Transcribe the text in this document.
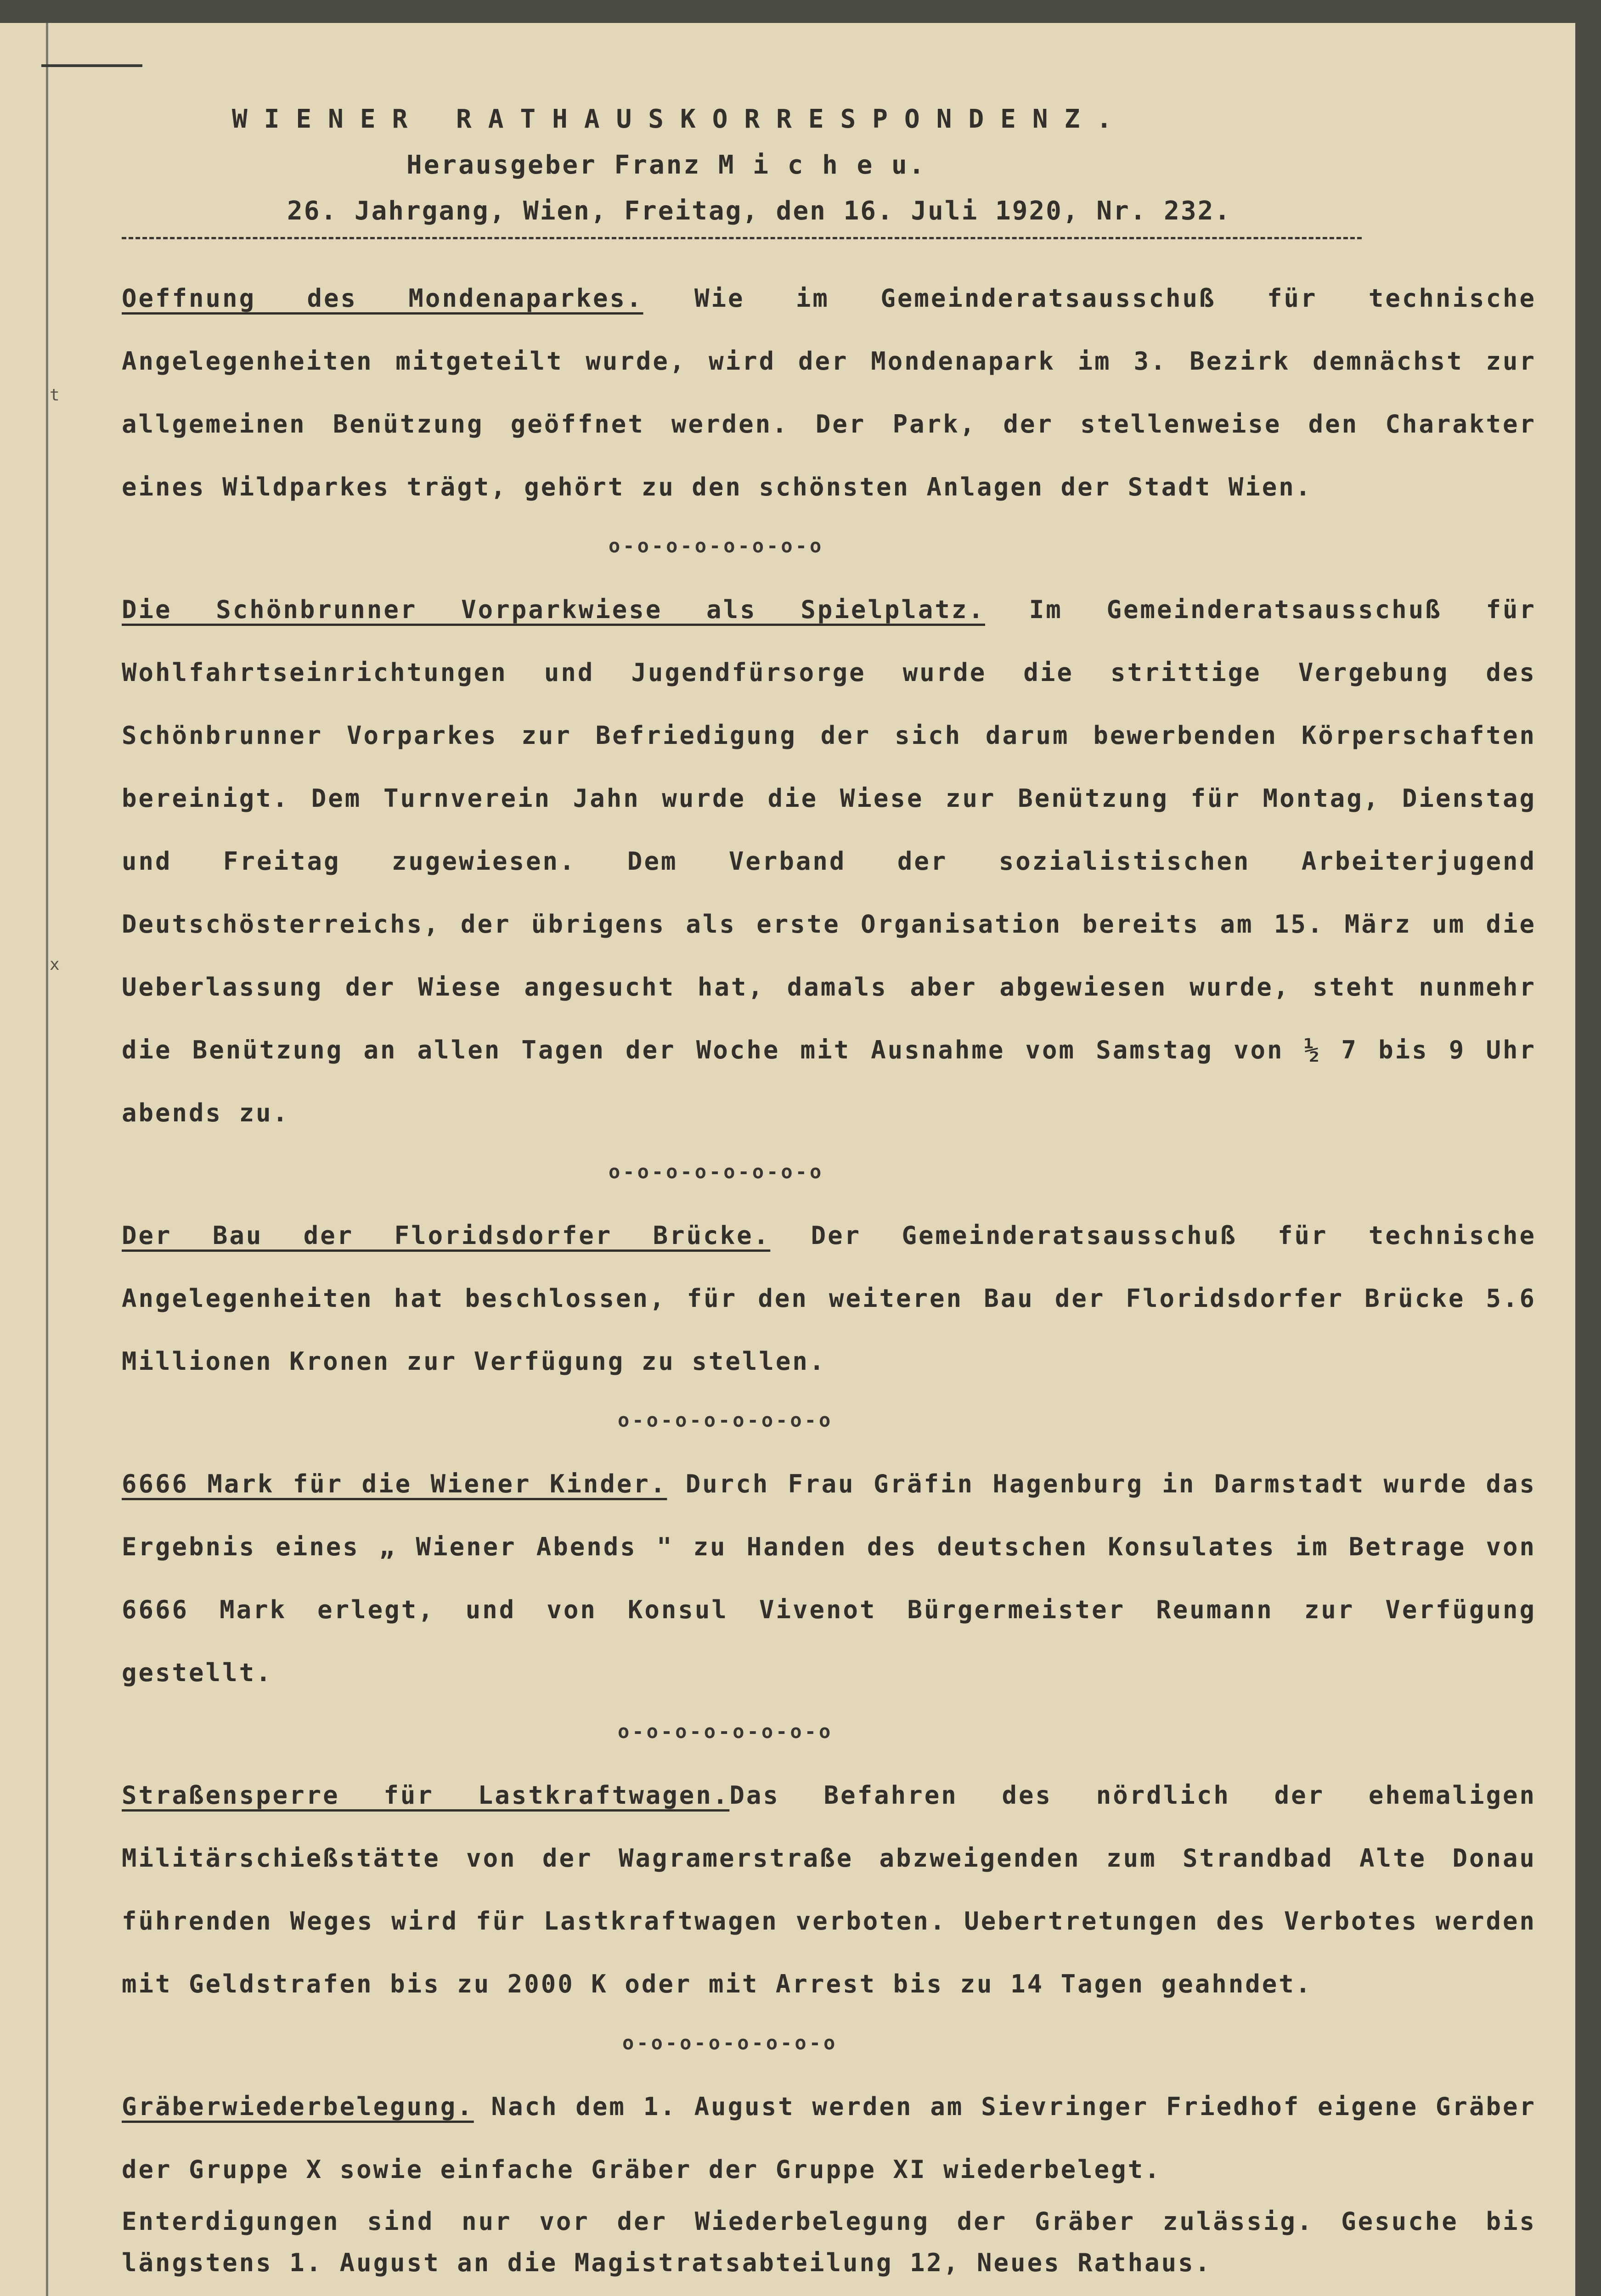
t
x
WIENER RATHAUSKORRESPONDENZ.
Herausgeber Franz M i c h e u.
26. Jahrgang, Wien, Freitag, den 16. Juli 1920, Nr. 232.
Oeffnung des Mondenaparkes. Wie im Gemeinderatsausschuß für technische Angelegenheiten mitgeteilt wurde, wird der Mondenapark im 3. Bezirk demnächst zur allgemeinen Benützung geöffnet werden. Der Park, der stellenweise den Charakter eines Wildparkes trägt, gehört zu den schönsten Anlagen der Stadt Wien.
o-o-o-o-o-o-o-o
Die Schönbrunner Vorparkwiese als Spielplatz. Im Gemeinderatsausschuß für Wohlfahrtseinrichtungen und Jugendfürsorge wurde die strittige Vergebung des Schönbrunner Vorparkes zur Befriedigung der sich darum bewerbenden Körperschaften bereinigt. Dem Turnverein Jahn wurde die Wiese zur Benützung für Montag, Dienstag und Freitag zugewiesen. Dem Verband der sozialistischen Arbeiterjugend Deutschösterreichs, der übrigens als erste Organisation bereits am 15. März um die Ueberlassung der Wiese angesucht hat, damals aber abgewiesen wurde, steht nunmehr die Benützung an allen Tagen der Woche mit Ausnahme vom Samstag von ½ 7 bis 9 Uhr abends zu.
o-o-o-o-o-o-o-o
Der Bau der Floridsdorfer Brücke. Der Gemeinderatsausschuß für technische Angelegenheiten hat beschlossen, für den weiteren Bau der Floridsdorfer Brücke 5.6 Millionen Kronen zur Verfügung zu stellen.
o-o-o-o-o-o-o-o
6666 Mark für die Wiener Kinder. Durch Frau Gräfin Hagenburg in Darmstadt wurde das Ergebnis eines „ Wiener Abends " zu Handen des deutschen Konsulates im Betrage von 6666 Mark erlegt, und von Konsul Vivenot Bürgermeister Reumann zur Verfügung gestellt.
o-o-o-o-o-o-o-o
Straßensperre für Lastkraftwagen.Das Befahren des nördlich der ehemaligen Militärschießstätte von der Wagramerstraße abzweigenden zum Strandbad Alte Donau führenden Weges wird für Lastkraftwagen verboten. Uebertretungen des Verbotes werden mit Geldstrafen bis zu 2000 K oder mit Arrest bis zu 14 Tagen geahndet.
o-o-o-o-o-o-o-o
Gräberwiederbelegung. Nach dem 1. August werden am Sievringer Friedhof eigene Gräber der Gruppe X sowie einfache Gräber der Gruppe XI wiederbelegt.
Enterdigungen sind nur vor der Wiederbelegung der Gräber zulässig. Gesuche bis längstens 1. August an die Magistratsabteilung 12, Neues Rathaus.
